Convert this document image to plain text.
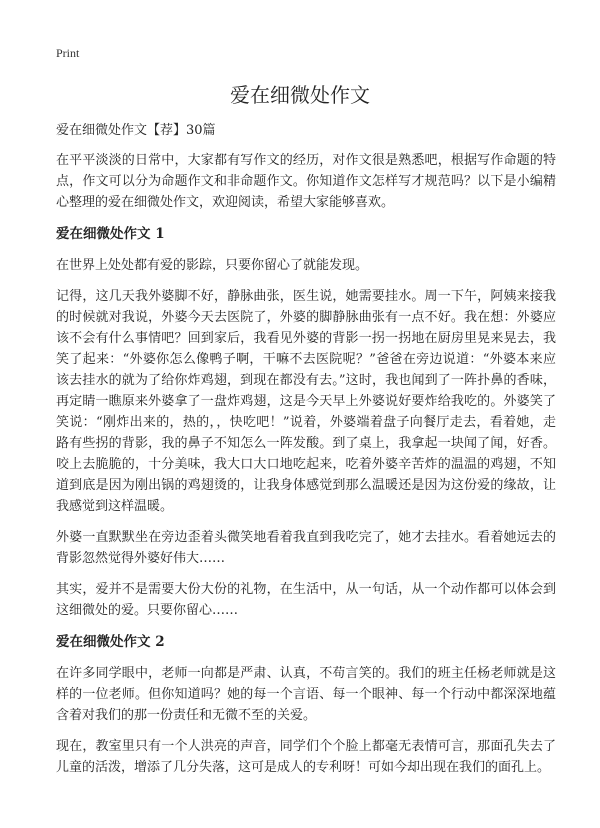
Print
爱在细微处作文
爱在细微处作文【荐】30篇

在平平淡淡的日常中，大家都有写作文的经历，对作文很是熟悉吧，根据写作命题的特点，作文可以分为命题作文和非命题作文。你知道作文怎样写才规范吗？以下是小编精心整理的爱在细微处作文，欢迎阅读，希望大家能够喜欢。

爱在细微处作文 1

在世界上处处都有爱的影踪，只要你留心了就能发现。

记得，这几天我外婆脚不好，静脉曲张，医生说，她需要挂水。周一下午，阿姨来接我的时候就对我说，外婆今天去医院了，外婆的脚静脉曲张有一点不好。我在想：外婆应该不会有什么事情吧？回到家后，我看见外婆的背影一拐一拐地在厨房里晃来晃去，我笑了起来：“外婆你怎么像鸭子啊，干嘛不去医院呢？”爸爸在旁边说道：“外婆本来应该去挂水的就为了给你炸鸡翅，到现在都没有去。”这时，我也闻到了一阵扑鼻的香味，再定睛一瞧原来外婆拿了一盘炸鸡翅，这是今天早上外婆说好要炸给我吃的。外婆笑了笑说：“刚炸出来的，热的，，快吃吧！”说着，外婆端着盘子向餐厅走去，看着她，走路有些拐的背影，我的鼻子不知怎么一阵发酸。到了桌上，我拿起一块闻了闻，好香。咬上去脆脆的，十分美味，我大口大口地吃起来，吃着外婆辛苦炸的温温的鸡翅，不知道到底是因为刚出锅的鸡翅烫的，让我身体感觉到那么温暖还是因为这份爱的缘故，让我感觉到这样温暖。

外婆一直默默坐在旁边歪着头微笑地看着我直到我吃完了，她才去挂水。看着她远去的背影忽然觉得外婆好伟大……

其实，爱并不是需要大份大份的礼物，在生活中，从一句话，从一个动作都可以体会到这细微处的爱。只要你留心……

爱在细微处作文 2

在许多同学眼中，老师一向都是严肃、认真，不苟言笑的。我们的班主任杨老师就是这样的一位老师。但你知道吗？她的每一个言语、每一个眼神、每一个行动中都深深地蕴含着对我们的那一份责任和无微不至的关爱。

现在，教室里只有一个人洪亮的声音，同学们个个脸上都毫无表情可言，那面孔失去了儿童的活泼，增添了几分失落，这可是成人的专利呀！可如今却出现在我们的面孔上。
